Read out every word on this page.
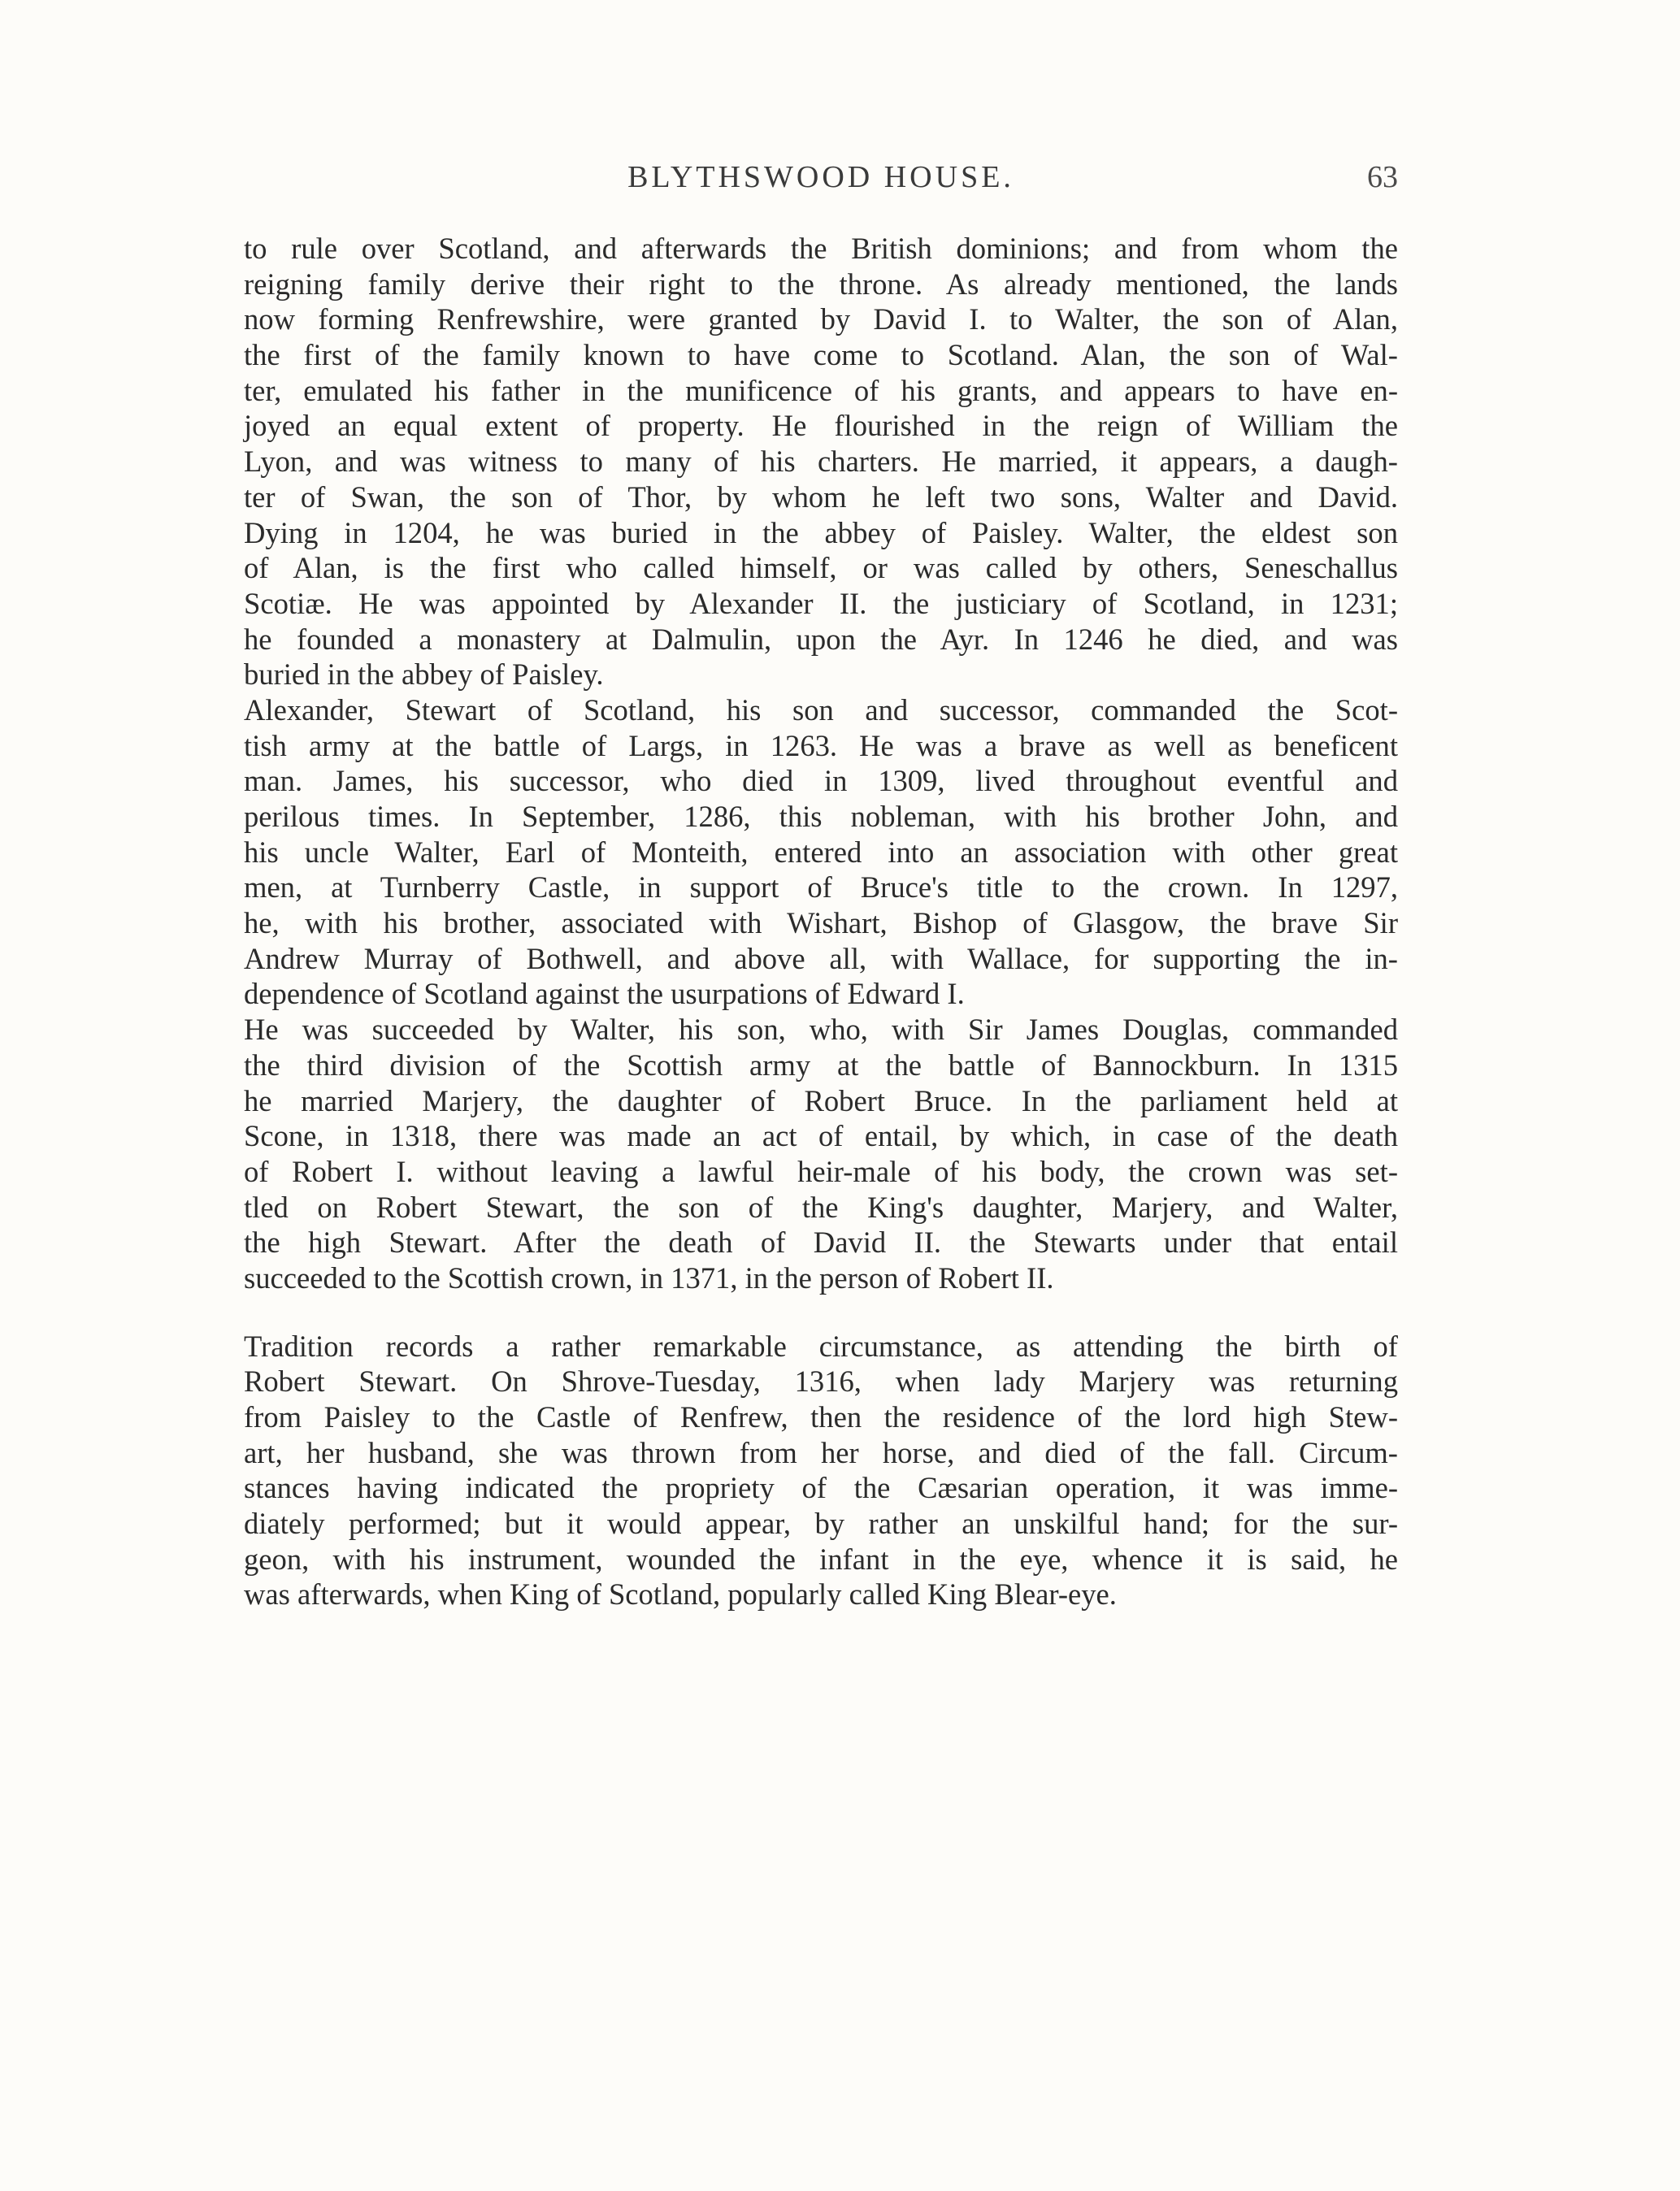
BLYTHSWOOD HOUSE.	63
to rule over Scotland, and afterwards the British dominions; and from whom the
reigning family derive their right to the throne. As already mentioned, the lands
now forming Renfrewshire, were granted by David I. to Walter, the son of Alan,
the first of the family known to have come to Scotland. Alan, the son of Wal-
ter, emulated his father in the munificence of his grants, and appears to have en-
joyed an equal extent of property. He flourished in the reign of William the
Lyon, and was witness to many of his charters. He married, it appears, a daugh-
ter of Swan, the son of Thor, by whom he left two sons, Walter and David.
Dying in 1204, he was buried in the abbey of Paisley. Walter, the eldest son
of Alan, is the first who called himself, or was called by others, Seneschallus
Scotiæ. He was appointed by Alexander II. the justiciary of Scotland, in 1231;
he founded a monastery at Dalmulin, upon the Ayr. In 1246 he died, and was
buried in the abbey of Paisley.
Alexander, Stewart of Scotland, his son and successor, commanded the Scot-
tish army at the battle of Largs, in 1263. He was a brave as well as beneficent
man. James, his successor, who died in 1309, lived throughout eventful and
perilous times. In September, 1286, this nobleman, with his brother John, and
his uncle Walter, Earl of Monteith, entered into an association with other great
men, at Turnberry Castle, in support of Bruce's title to the crown. In 1297,
he, with his brother, associated with Wishart, Bishop of Glasgow, the brave Sir
Andrew Murray of Bothwell, and above all, with Wallace, for supporting the in-
dependence of Scotland against the usurpations of Edward I.
He was succeeded by Walter, his son, who, with Sir James Douglas, commanded
the third division of the Scottish army at the battle of Bannockburn. In 1315
he married Marjery, the daughter of Robert Bruce. In the parliament held at
Scone, in 1318, there was made an act of entail, by which, in case of the death
of Robert I. without leaving a lawful heir-male of his body, the crown was set-
tled on Robert Stewart, the son of the King's daughter, Marjery, and Walter,
the high Stewart. After the death of David II. the Stewarts under that entail
succeeded to the Scottish crown, in 1371, in the person of Robert II.
Tradition records a rather remarkable circumstance, as attending the birth of
Robert Stewart. On Shrove-Tuesday, 1316, when lady Marjery was returning
from Paisley to the Castle of Renfrew, then the residence of the lord high Stew-
art, her husband, she was thrown from her horse, and died of the fall. Circum-
stances having indicated the propriety of the Cæsarian operation, it was imme-
diately performed; but it would appear, by rather an unskilful hand; for the sur-
geon, with his instrument, wounded the infant in the eye, whence it is said, he
was afterwards, when King of Scotland, popularly called King Blear-eye.
